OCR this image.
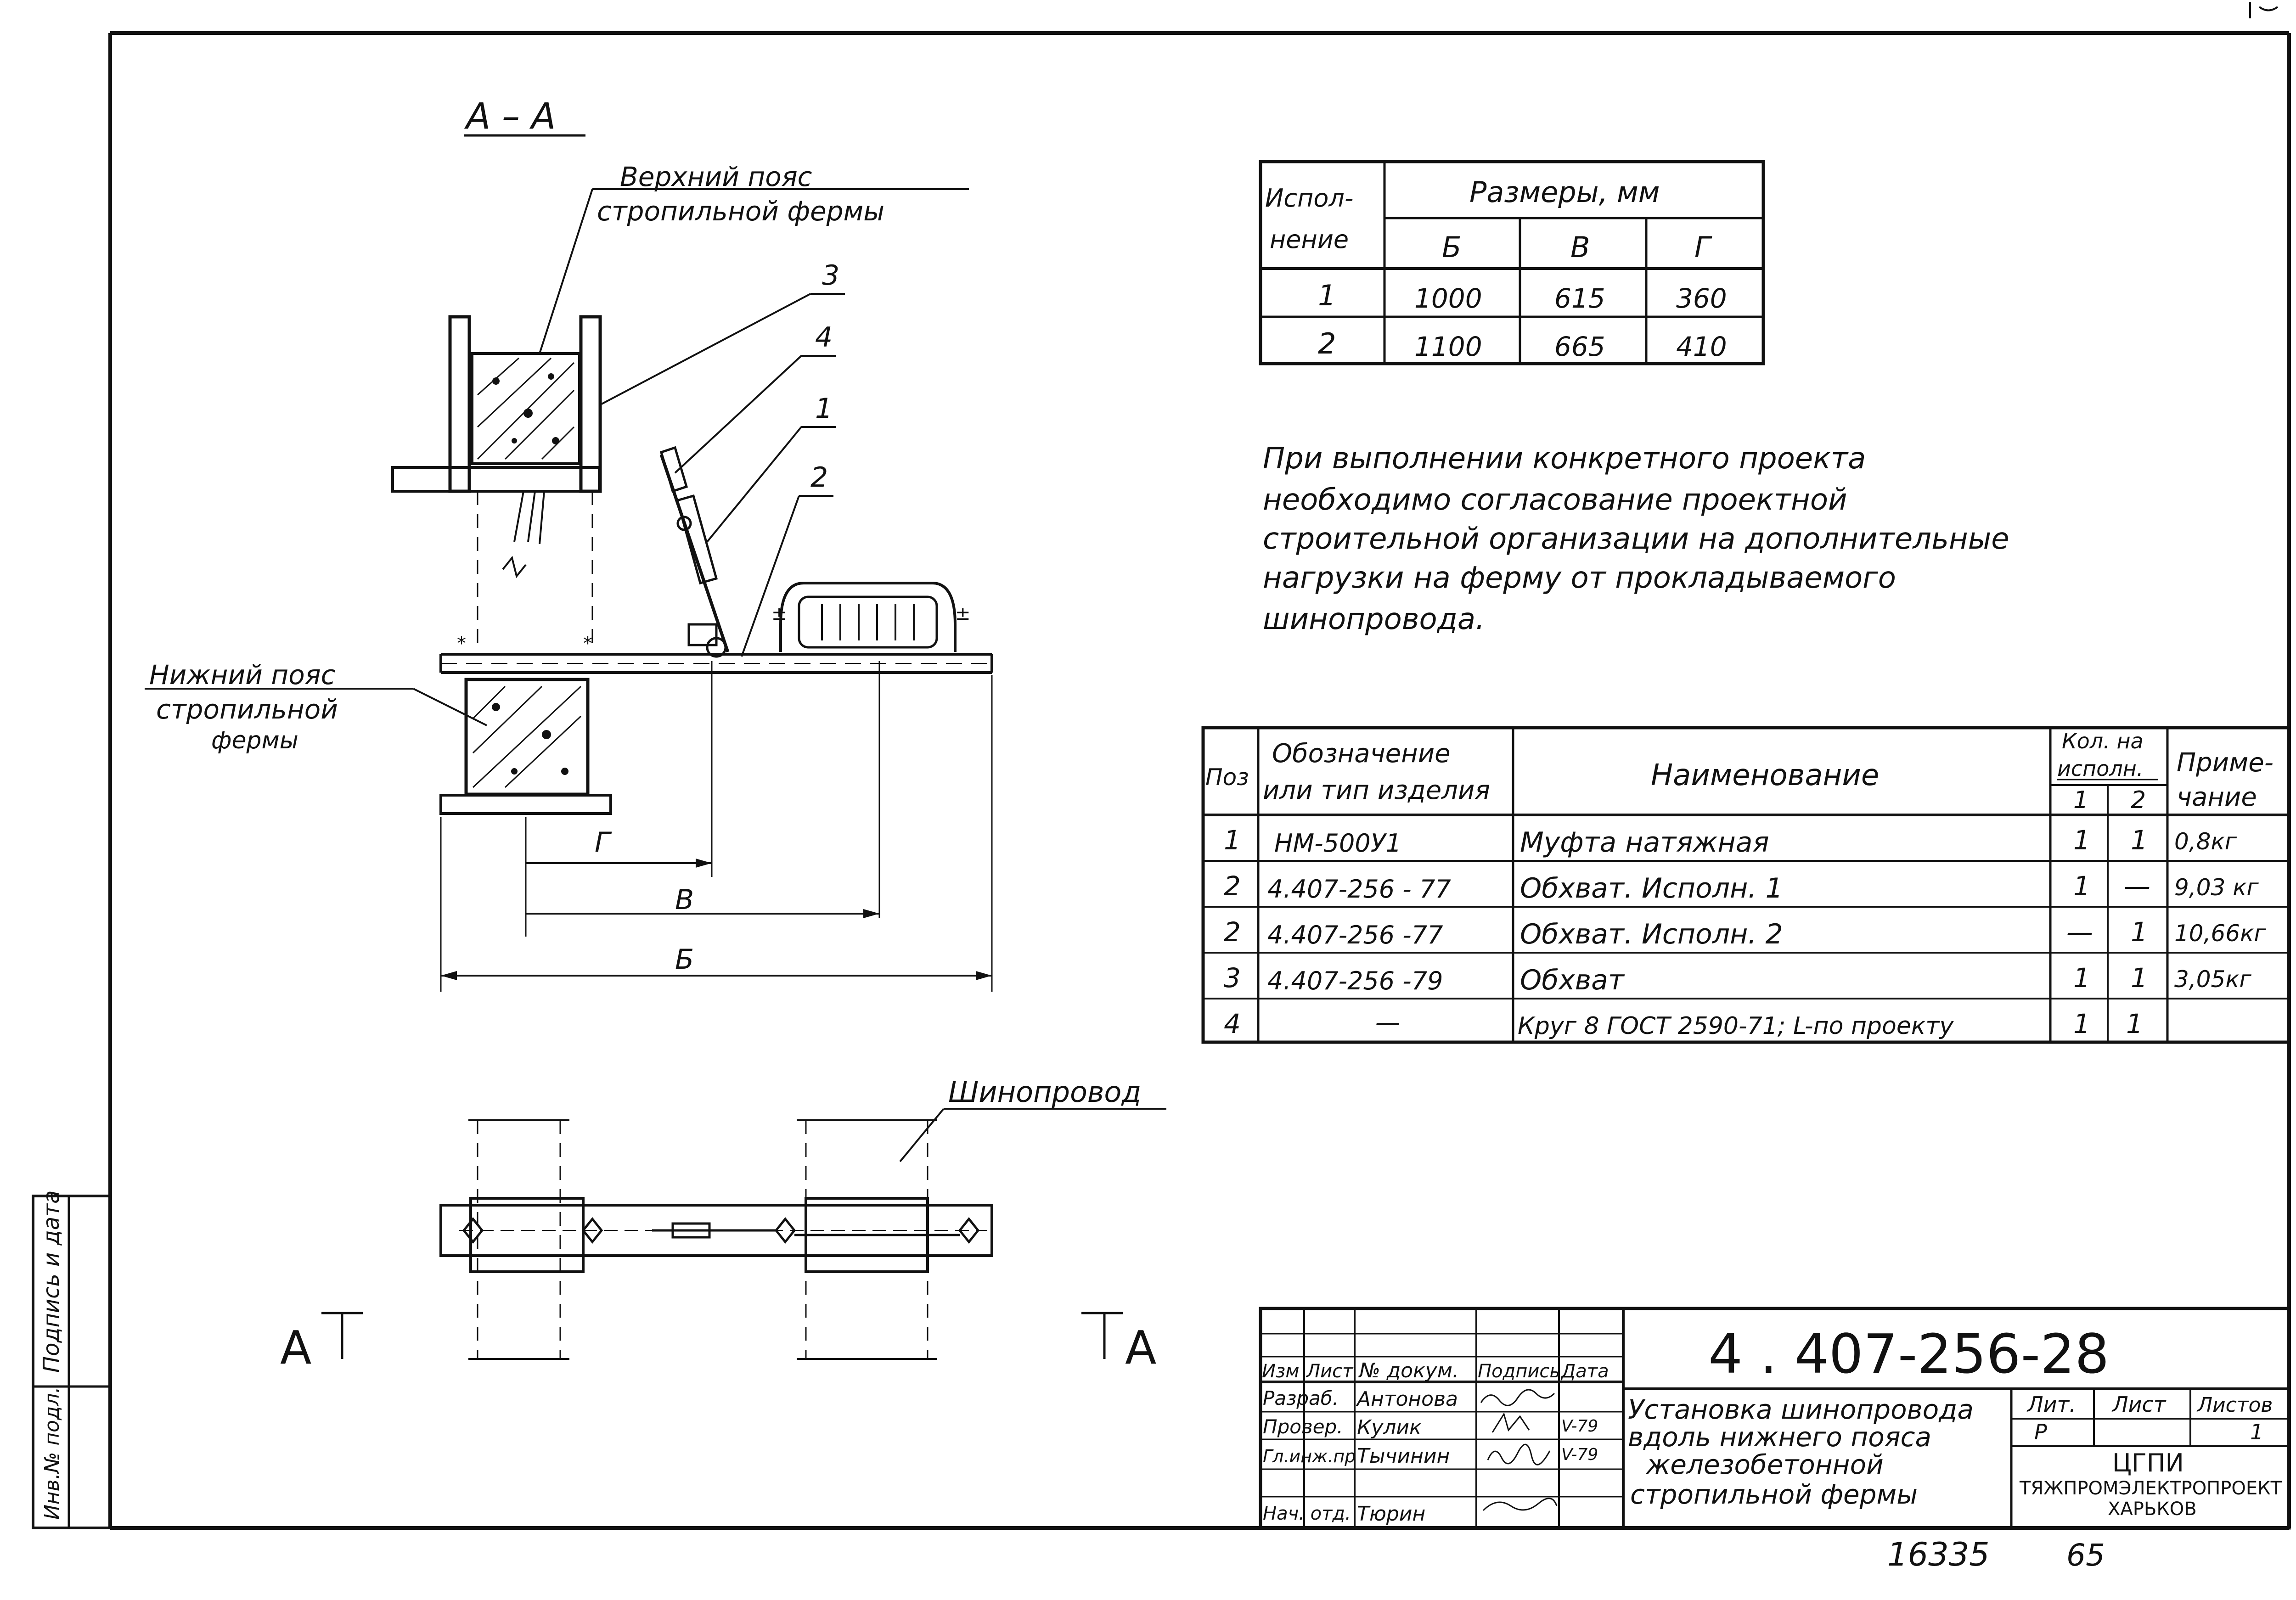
Подпись и дата
Инв.№ подл.
А – А
Верхний пояс
стропильной фермы
3
4
1
2
*	*
±	±
Нижний пояс
стропильной
фермы
Г
В
Б
Шинопровод
А	А
Испол-
нение
Размеры, мм
Б	В	Г
1	1000	615	360
2	1100	665	410
При выполнении конкретного проекта
необходимо согласование проектной
строительной организации на дополнительные
нагрузки на ферму от прокладываемого
шинопровода.
Поз
Обозначение
или тип изделия	Наименование
Кол. на
исполн.
1 2
Приме-
чание
1 НМ-500У1	Муфта натяжная	1 1 0,8кг
2 4.407-256 - 77	Обхват. Исполн. 1	1 — 9,03 кг
2 4.407-256 -77	Обхват. Исполн. 2	— 1 10,66кг
3 4.407-256 -79	Обхват	1 1 3,05кг
4	—	Круг 8 ГОСТ 2590-71; L-по проекту	1 1
Изм Лист № докум. Подпись Дата
Разраб. Антонова
Провер. Кулик	V-79
Гл.инж.пр Тычинин	V-79
Нач. отд. Тюрин
4 . 407-256-28
Установка шинопровода
вдоль нижнего пояса
железобетонной
стропильной фермы
Лит. Лист Листов
Р	1
ЦГПИ
ТЯЖПРОМЭЛЕКТРОПРОЕКТ
ХАРЬКОВ
16335	65
